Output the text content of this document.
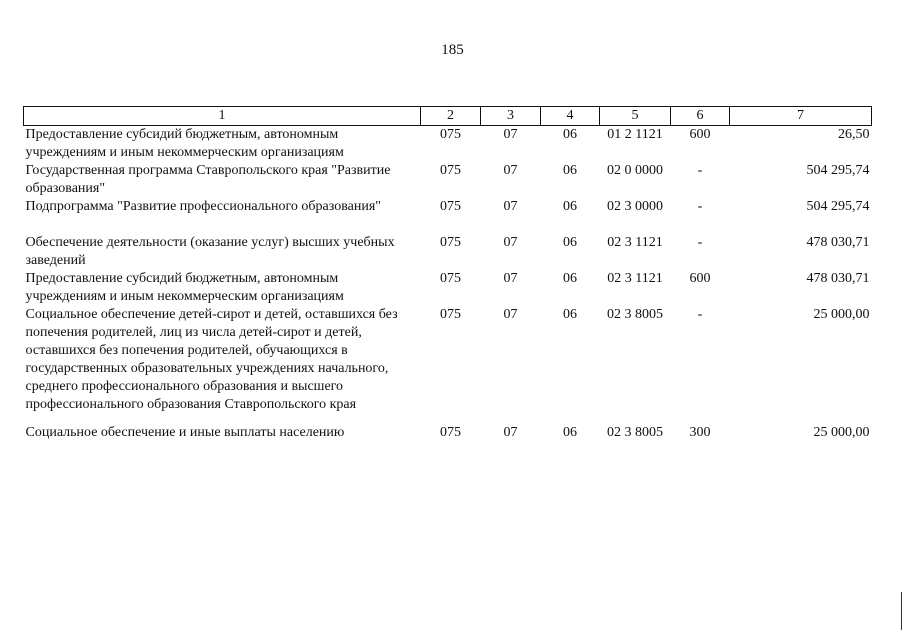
185
1	2	3	4	5	6	7
Предоставление субсидий бюджетным, автономным учреждениям и иным некоммерческим организациям	075	07	06	01 2 1121	600	26,50
Государственная программа Ставропольского края "Развитие образования"	075	07	06	02 0 0000	-	504 295,74
Подпрограмма "Развитие профессионального образования"	075	07	06	02 3 0000	-	504 295,74
Обеспечение деятельности (оказание услуг) высших учебных заведений	075	07	06	02 3 1121	-	478 030,71
Предоставление субсидий бюджетным, автономным учреждениям и иным некоммерческим организациям	075	07	06	02 3 1121	600	478 030,71
Социальное обеспечение детей-сирот и детей, оставшихся без попечения родителей, лиц из числа детей-сирот и детей, оставшихся без попечения родителей, обучающихся в государственных образовательных учреждениях начального, среднего профессионального образования и высшего профессионального образования Ставропольского края	075	07	06	02 3 8005	-	25 000,00
Социальное обеспечение и иные выплаты населению	075	07	06	02 3 8005	300	25 000,00
